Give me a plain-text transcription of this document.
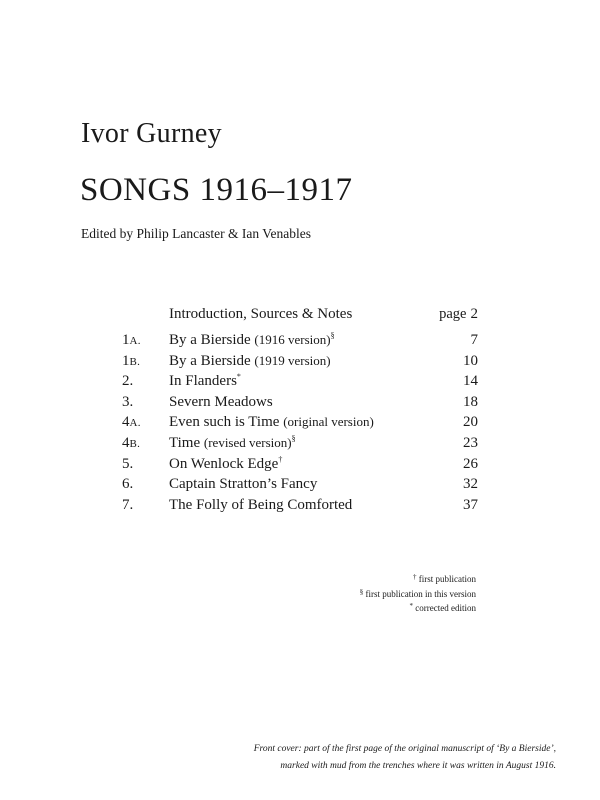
Ivor Gurney
SONGS 1916–1917

Edited by Philip Lancaster & Ian Venables

Introduction, Sources & Notes	page 2
1A.	By a Bierside (1916 version)§	7
1B.	By a Bierside (1919 version)	10
2.	In Flanders*	14
3.	Severn Meadows	18
4A.	Even such is Time (original version)	20
4B.	Time (revised version)§	23
5.	On Wenlock Edge†	26
6.	Captain Stratton’s Fancy	32
7.	The Folly of Being Comforted	37
† first publication
§ first publication in this version
* corrected edition
Front cover: part of the first page of the original manuscript of ‘By a Bierside’,
marked with mud from the trenches where it was written in August 1916.
